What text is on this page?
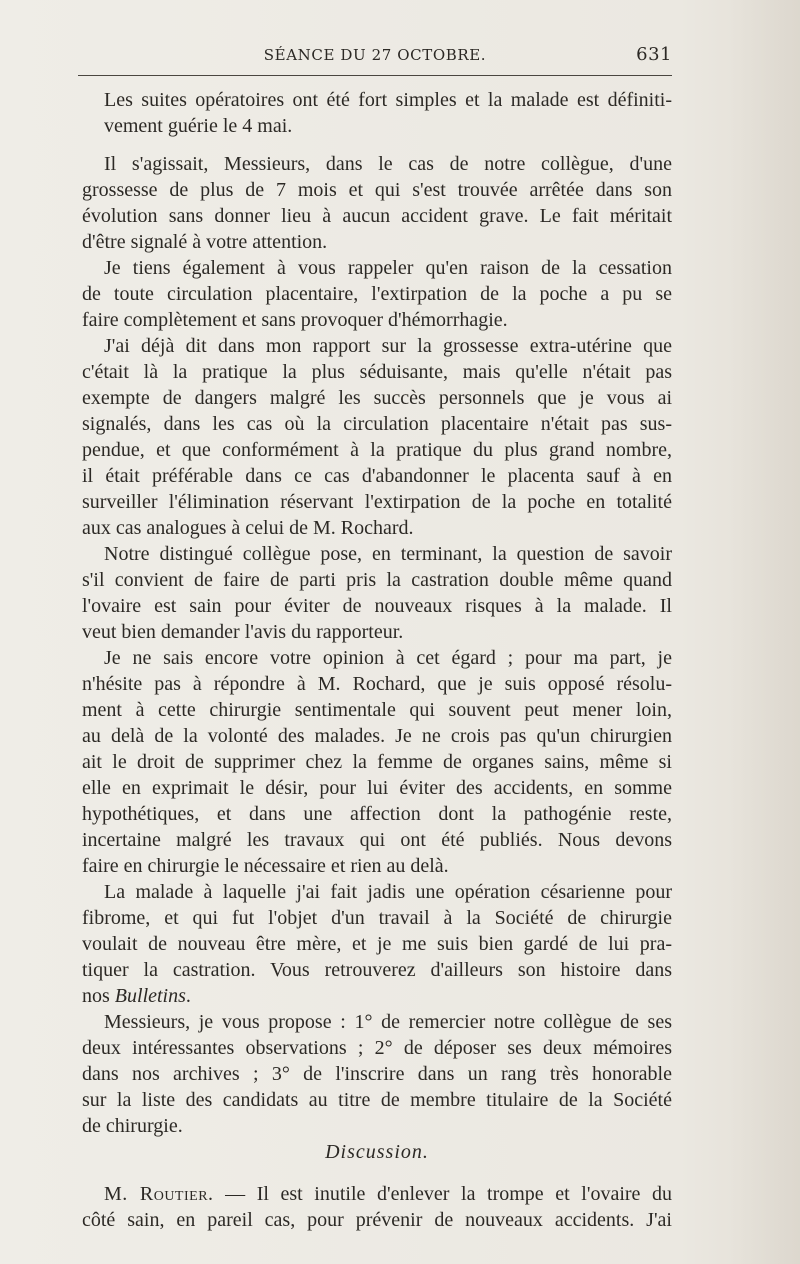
SÉANCE DU 27 OCTOBRE.	631
Les suites opératoires ont été fort simples et la malade est définiti-
vement guérie le 4 mai.
Il s'agissait, Messieurs, dans le cas de notre collègue, d'une
grossesse de plus de 7 mois et qui s'est trouvée arrêtée dans son
évolution sans donner lieu à aucun accident grave. Le fait méritait
d'être signalé à votre attention.
Je tiens également à vous rappeler qu'en raison de la cessation
de toute circulation placentaire, l'extirpation de la poche a pu se
faire complètement et sans provoquer d'hémorrhagie.
J'ai déjà dit dans mon rapport sur la grossesse extra-utérine que
c'était là la pratique la plus séduisante, mais qu'elle n'était pas
exempte de dangers malgré les succès personnels que je vous ai
signalés, dans les cas où la circulation placentaire n'était pas sus-
pendue, et que conformément à la pratique du plus grand nombre,
il était préférable dans ce cas d'abandonner le placenta sauf à en
surveiller l'élimination réservant l'extirpation de la poche en totalité
aux cas analogues à celui de M. Rochard.
Notre distingué collègue pose, en terminant, la question de savoir
s'il convient de faire de parti pris la castration double même quand
l'ovaire est sain pour éviter de nouveaux risques à la malade. Il
veut bien demander l'avis du rapporteur.
Je ne sais encore votre opinion à cet égard ; pour ma part, je
n'hésite pas à répondre à M. Rochard, que je suis opposé résolu-
ment à cette chirurgie sentimentale qui souvent peut mener loin,
au delà de la volonté des malades. Je ne crois pas qu'un chirurgien
ait le droit de supprimer chez la femme de organes sains, même si
elle en exprimait le désir, pour lui éviter des accidents, en somme
hypothétiques, et dans une affection dont la pathogénie reste,
incertaine malgré les travaux qui ont été publiés. Nous devons
faire en chirurgie le nécessaire et rien au delà.
La malade à laquelle j'ai fait jadis une opération césarienne pour
fibrome, et qui fut l'objet d'un travail à la Société de chirurgie
voulait de nouveau être mère, et je me suis bien gardé de lui pra-
tiquer la castration. Vous retrouverez d'ailleurs son histoire dans
nos Bulletins.
Messieurs, je vous propose : 1° de remercier notre collègue de ses
deux intéressantes observations ; 2° de déposer ses deux mémoires
dans nos archives ; 3° de l'inscrire dans un rang très honorable
sur la liste des candidats au titre de membre titulaire de la Société
de chirurgie.
Discussion.
M. Routier. — Il est inutile d'enlever la trompe et l'ovaire du
côté sain, en pareil cas, pour prévenir de nouveaux accidents. J'ai
